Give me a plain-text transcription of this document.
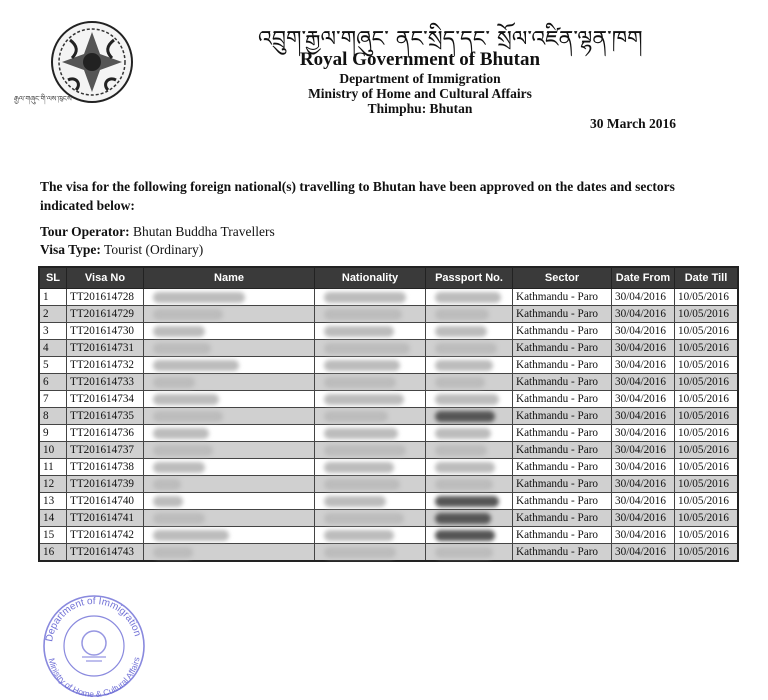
རྒྱལ་གཞུང་གི་ལས་ཁུངས་
འབྲུག་རྒྱལ་གཞུང་ ནང་སྲིད་དང་ སྲོལ་འཛིན་ལྷན་ཁག
Royal Government of Bhutan
Department of Immigration
Ministry of Home and Cultural Affairs
Thimphu: Bhutan
30 March 2016
The visa for the following foreign national(s) travelling to Bhutan have been approved on the dates and sectors indicated below:
Tour Operator: Bhutan Buddha Travellers
Visa Type: Tourist (Ordinary)
SL	Visa No	Name	Nationality	Passport No.	Sector	Date From	Date Till
1	TT201614728				Kathmandu - Paro	30/04/2016	10/05/2016
2	TT201614729				Kathmandu - Paro	30/04/2016	10/05/2016
3	TT201614730				Kathmandu - Paro	30/04/2016	10/05/2016
4	TT201614731				Kathmandu - Paro	30/04/2016	10/05/2016
5	TT201614732				Kathmandu - Paro	30/04/2016	10/05/2016
6	TT201614733				Kathmandu - Paro	30/04/2016	10/05/2016
7	TT201614734				Kathmandu - Paro	30/04/2016	10/05/2016
8	TT201614735				Kathmandu - Paro	30/04/2016	10/05/2016
9	TT201614736				Kathmandu - Paro	30/04/2016	10/05/2016
10	TT201614737				Kathmandu - Paro	30/04/2016	10/05/2016
11	TT201614738				Kathmandu - Paro	30/04/2016	10/05/2016
12	TT201614739				Kathmandu - Paro	30/04/2016	10/05/2016
13	TT201614740				Kathmandu - Paro	30/04/2016	10/05/2016
14	TT201614741				Kathmandu - Paro	30/04/2016	10/05/2016
15	TT201614742				Kathmandu - Paro	30/04/2016	10/05/2016
16	TT201614743				Kathmandu - Paro	30/04/2016	10/05/2016
Department of Immigration
Ministry of Home & Cultural Affairs
